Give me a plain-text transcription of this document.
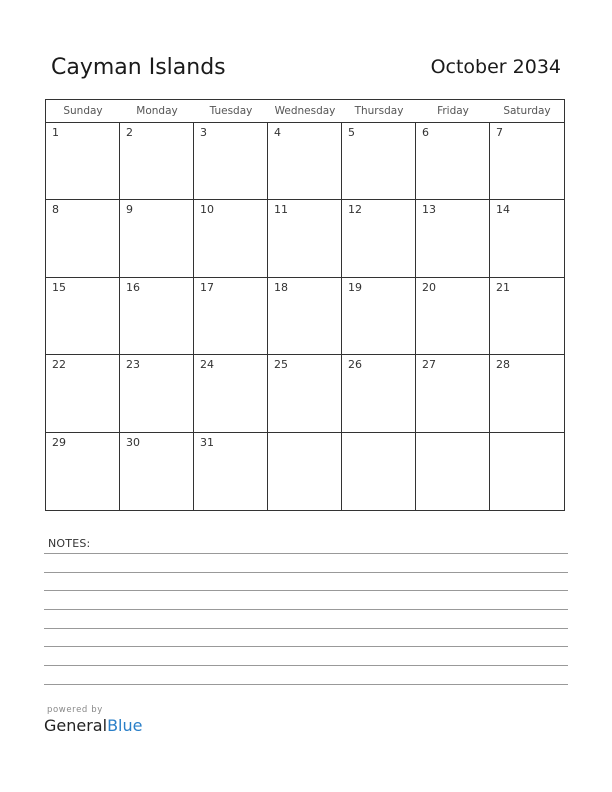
Cayman Islands	October 2034
Sunday	Monday	Tuesday	Wednesday	Thursday	Friday	Saturday
1	2	3	4	5	6	7
8	9	10	11	12	13	14
15	16	17	18	19	20	21
22	23	24	25	26	27	28
29	30	31
NOTES:
powered by
GeneralBlue
